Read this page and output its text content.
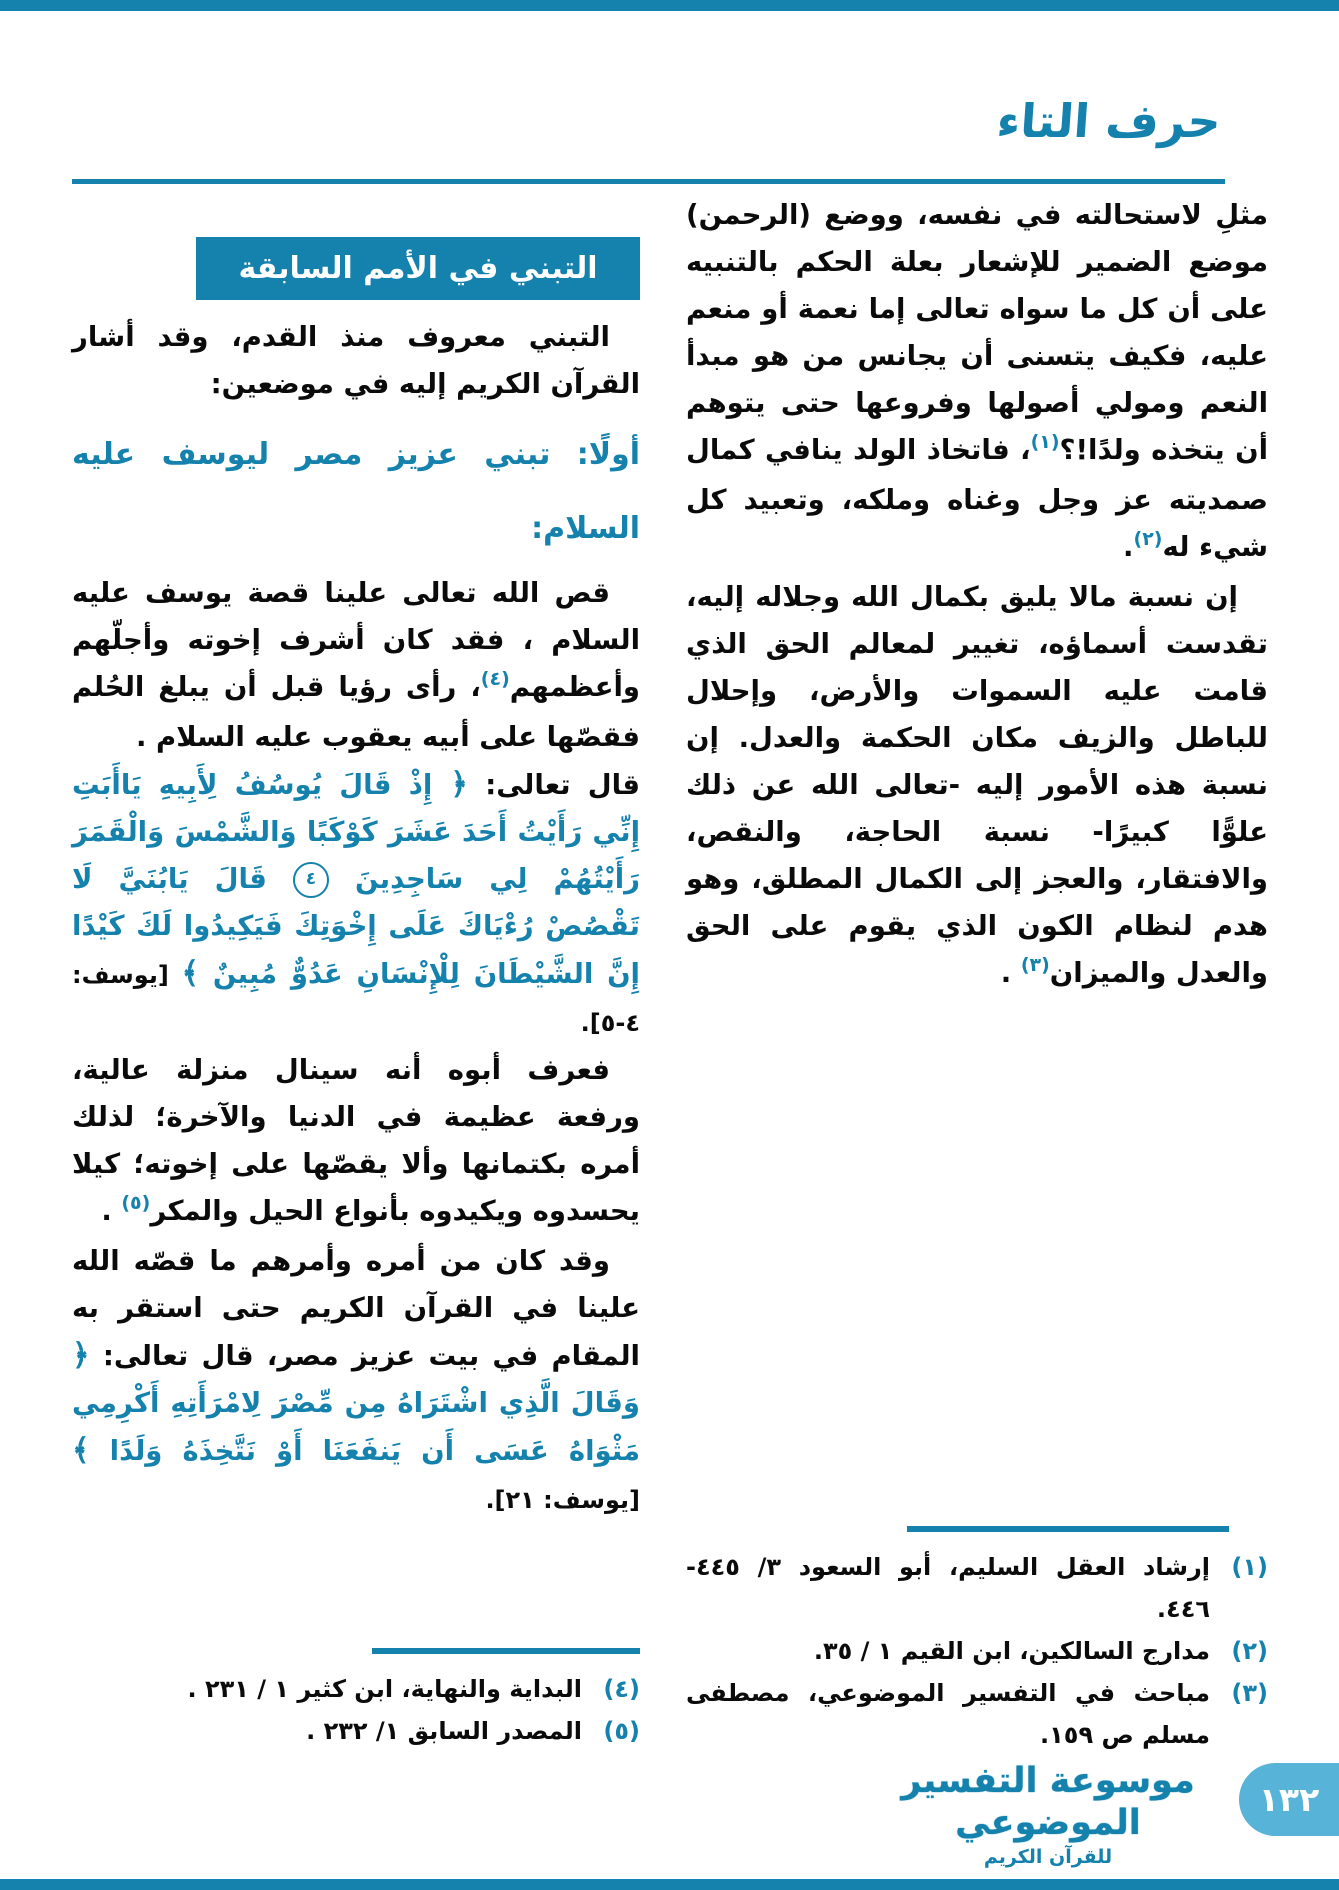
حرف التاء

مثلِ لاستحالته في نفسه، ووضع (الرحمن) موضع الضمير للإشعار بعلة الحكم بالتنبيه على أن كل ما سواه تعالى إما نعمة أو منعم عليه، فكيف يتسنى أن يجانس من هو مبدأ النعم ومولي أصولها وفروعها حتى يتوهم أن يتخذه ولدًا!؟$^{(١)}$، فاتخاذ الولد ينافي كمال صمديته عز وجل وغناه وملكه، وتعبيد كل شيء له$^{(٢)}$.

إن نسبة مالا يليق بكمال الله وجلاله إليه، تقدست أسماؤه، تغيير لمعالم الحق الذي قامت عليه السموات والأرض، وإحلال للباطل والزيف مكان الحكمة والعدل. إن نسبة هذه الأمور إليه -تعالى الله عن ذلك علوًّا كبيرًا- نسبة الحاجة، والنقص، والافتقار، والعجز إلى الكمال المطلق، وهو هدم لنظام الكون الذي يقوم على الحق والعدل والميزان$^{(٣)}$ .

التبني في الأمم السابقة

التبني معروف منذ القدم، وقد أشار القرآن الكريم إليه في موضعين:

أولًا: تبني عزيز مصر ليوسف عليه السلام:

قص الله تعالى علينا قصة يوسف عليه السلام ، فقد كان أشرف إخوته وأجلّهم وأعظمهم$^{(٤)}$، رأى رؤيا قبل أن يبلغ الحُلم فقصّها على أبيه يعقوب عليه السلام .

قال تعالى: ﴿ إِذْ قَالَ يُوسُفُ لِأَبِيهِ يَاأَبَتِ إِنِّي رَأَيْتُ أَحَدَ عَشَرَ كَوْكَبًا وَالشَّمْسَ وَالْقَمَرَ رَأَيْتُهُمْ لِي سَاجِدِينَ ٤ قَالَ يَابُنَيَّ لَا تَقْصُصْ رُءْيَاكَ عَلَى إِخْوَتِكَ فَيَكِيدُوا لَكَ كَيْدًا إِنَّ الشَّيْطَانَ لِلْإِنْسَانِ عَدُوٌّ مُبِينٌ ﴾ [يوسف: ٤-٥].

فعرف أبوه أنه سينال منزلة عالية، ورفعة عظيمة في الدنيا والآخرة؛ لذلك أمره بكتمانها وألا يقصّها على إخوته؛ كيلا يحسدوه ويكيدوه بأنواع الحيل والمكر$^{(٥)}$ .

وقد كان من أمره وأمرهم ما قصّه الله علينا في القرآن الكريم حتى استقر به المقام في بيت عزيز مصر، قال تعالى: ﴿ وَقَالَ الَّذِي اشْتَرَاهُ مِن مِّصْرَ لِامْرَأَتِهِ أَكْرِمِي مَثْوَاهُ عَسَى أَن يَنفَعَنَا أَوْ نَتَّخِذَهُ وَلَدًا ﴾ [يوسف: ٢١].

(١)
إرشاد العقل السليم، أبو السعود ٣/ ٤٤٥- ٤٤٦.
(٢)
مدارج السالكين، ابن القيم ١ / ٣٥.
(٣)
مباحث في التفسير الموضوعي، مصطفى مسلم ص ١٥٩.
(٤)
البداية والنهاية، ابن كثير ١ / ٢٣١ .
(٥)
المصدر السابق ١/ ٢٣٢ .
موسوعة التفسير الموضوعي
للقرآن الكريم
١٣٢
